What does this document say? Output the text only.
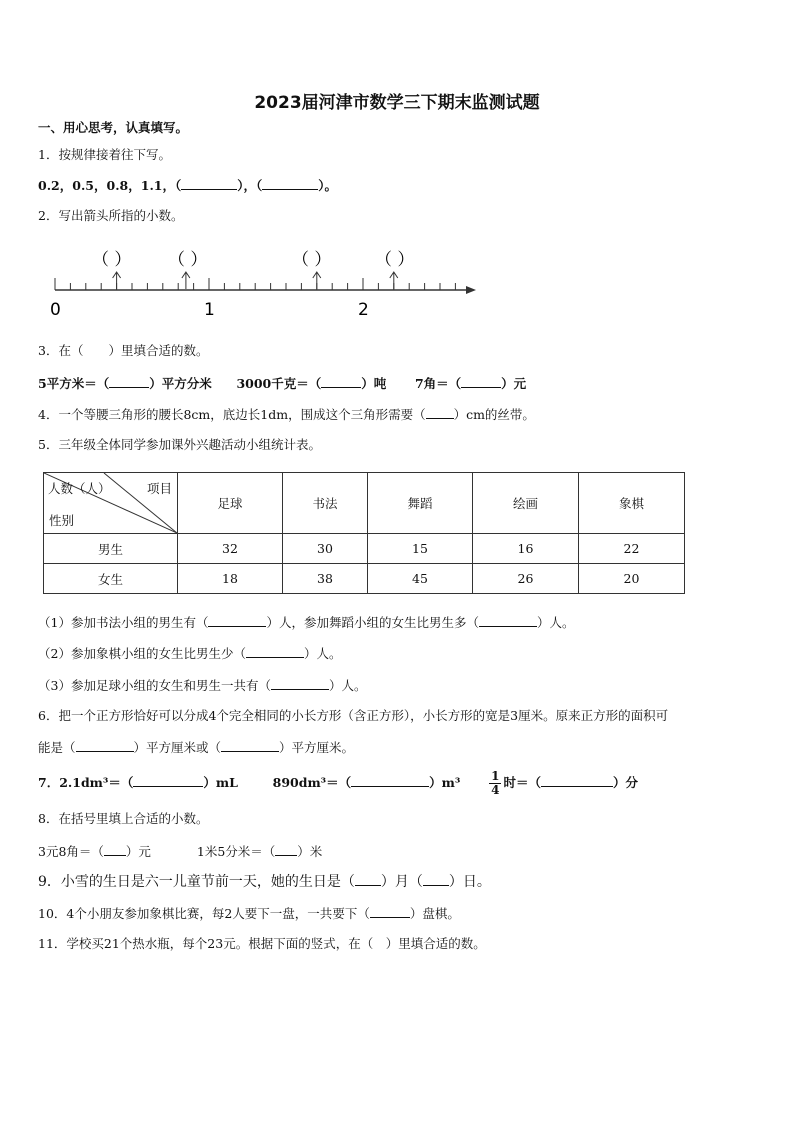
2023届河津市数学三下期末监测试题
一、用心思考，认真填写。
1．按规律接着往下写。
0.2，0.5，0.8，1.1，（	），（	）。
2．写出箭头所指的小数。
0	1	2
（ ） （ ）	（ ）	（ ）
3．在（　　）里填合适的数。
5平方米＝（	）平方分米 3000千克＝（	）吨 7角＝（	）元
4．一个等腰三角形的腰长8cm，底边长1dm，围成这个三角形需要（ ）cm的丝带。
5．三年级全体同学参加课外兴趣活动小组统计表。
项目
人数（人）
性别	足球	书法	舞蹈	绘画	象棋
男生	32	30	15	16	22
女生	18	38	45	26	20
（1）参加书法小组的男生有（	）人，参加舞蹈小组的女生比男生多（	）人。
（2）参加象棋小组的女生比男生少（	）人。
（3）参加足球小组的女生和男生一共有（	）人。
6．把一个正方形恰好可以分成4个完全相同的小长方形（含正方形），小长方形的宽是3厘米。原来正方形的面积可
能是（	）平方厘米或（	）平方厘米。
7．2.1dm³＝（	）mL	890dm³＝（	）$m^3 \frac{1}{4}$ 时＝（	）分
8．在括号里填上合适的小数。
3元8角＝（ ）元	1米5分米＝（ ）米
9．小雪的生日是六一儿童节前一天，她的生日是（ ）月（ ）日。
10．4个小朋友参加象棋比赛，每2人要下一盘，一共要下（	）盘棋。
11．学校买21个热水瓶，每个23元。根据下面的竖式，在（　）里填合适的数。
